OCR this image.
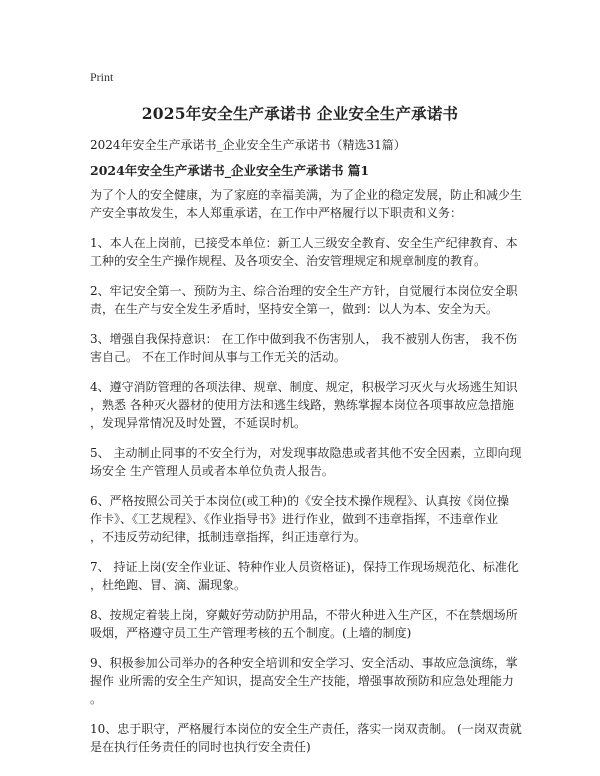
Print
2025年安全生产承诺书 企业安全生产承诺书
2024年安全生产承诺书_企业安全生产承诺书（精选31篇）
2024年安全生产承诺书_企业安全生产承诺书 篇1
为了个人的安全健康，为了家庭的幸福美满，为了企业的稳定发展，防止和减少生
产安全事故发生，本人郑重承诺，在工作中严格履行以下职责和义务：
1、本人在上岗前，已接受本单位：新工人三级安全教育、安全生产纪律教育、本
工种的安全生产操作规程、及各项安全、治安管理规定和规章制度的教育。
2、牢记安全第一、预防为主、综合治理的安全生产方针，自觉履行本岗位安全职
责，在生产与安全发生矛盾时，坚持安全第一，做到：以人为本、安全为天。
3、增强自我保持意识： 在工作中做到我不伤害别人， 我不被别人伤害， 我不伤
害自己。 不在工作时间从事与工作无关的活动。
4、遵守消防管理的各项法律、规章、制度、规定，积极学习灭火与火场逃生知识
，熟悉 各种灭火器材的使用方法和逃生线路，熟练掌握本岗位各项事故应急措施
，发现异常情况及时处置，不延误时机。
5、 主动制止同事的不安全行为，对发现事故隐患或者其他不安全因素，立即向现
场安全 生产管理人员或者本单位负责人报告。
6、严格按照公司关于本岗位(或工种)的《安全技术操作规程》、认真按《岗位操
作卡》、《工艺规程》、《作业指导书》进行作业，做到不违章指挥，不违章作业
，不违反劳动纪律，抵制违章指挥，纠正违章行为。
7、 持证上岗(安全作业证、特种作业人员资格证)，保持工作现场规范化、标准化
，杜绝跑、冒、滴、漏现象。
8、按规定着装上岗，穿戴好劳动防护用品，不带火种进入生产区，不在禁烟场所
吸烟，严格遵守员工生产管理考核的五个制度。(上墙的制度)
9、积极参加公司举办的各种安全培训和安全学习、安全活动、事故应急演练，掌
握作 业所需的安全生产知识，提高安全生产技能，增强事故预防和应急处理能力
。
10、忠于职守，严格履行本岗位的安全生产责任，落实一岗双责制。 (一岗双责就
是在执行任务责任的同时也执行安全责任)
